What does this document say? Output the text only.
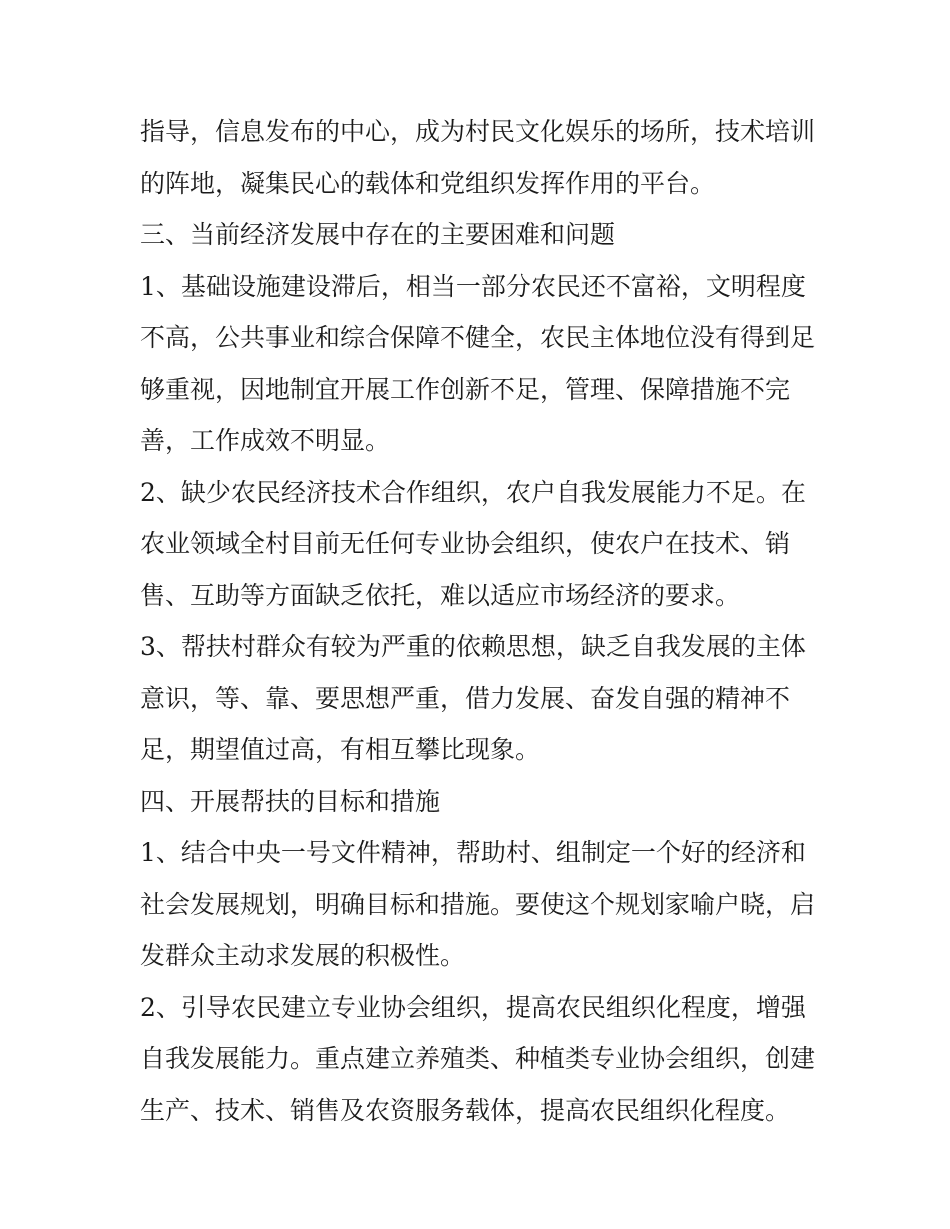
指导，信息发布的中心，成为村民文化娱乐的场所，技术培训
的阵地，凝集民心的载体和党组织发挥作用的平台。
三、当前经济发展中存在的主要困难和问题
1、基础设施建设滞后，相当一部分农民还不富裕，文明程度
不高，公共事业和综合保障不健全，农民主体地位没有得到足
够重视，因地制宜开展工作创新不足，管理、保障措施不完
善，工作成效不明显。
2、缺少农民经济技术合作组织，农户自我发展能力不足。在
农业领域全村目前无任何专业协会组织，使农户在技术、销
售、互助等方面缺乏依托，难以适应市场经济的要求。
3、帮扶村群众有较为严重的依赖思想，缺乏自我发展的主体
意识，等、靠、要思想严重，借力发展、奋发自强的精神不
足，期望值过高，有相互攀比现象。
四、开展帮扶的目标和措施
1、结合中央一号文件精神，帮助村、组制定一个好的经济和
社会发展规划，明确目标和措施。要使这个规划家喻户晓，启
发群众主动求发展的积极性。
2、引导农民建立专业协会组织，提高农民组织化程度，增强
自我发展能力。重点建立养殖类、种植类专业协会组织，创建
生产、技术、销售及农资服务载体，提高农民组织化程度。
